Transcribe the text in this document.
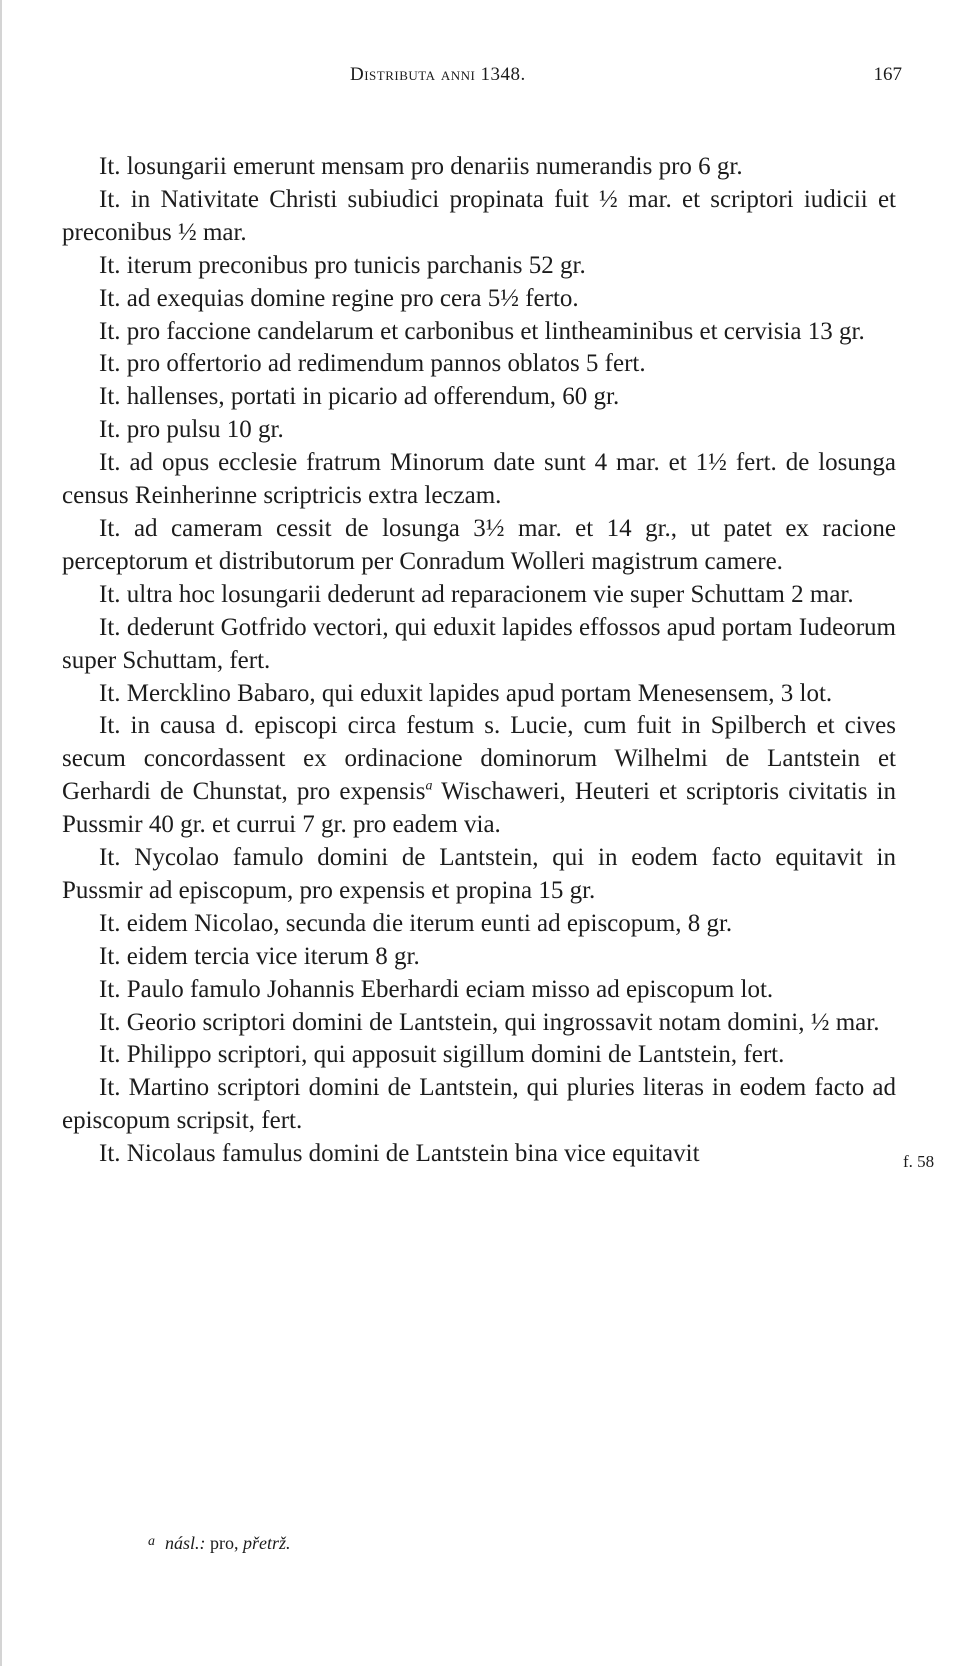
Distributa anni 1348.	167

It. losungarii emerunt mensam pro denariis numerandis pro 6 gr.

It. in Nativitate Christi subiudici propinata fuit ½ mar. et scriptori iudicii et preconibus ½ mar.

It. iterum preconibus pro tunicis parchanis 52 gr.

It. ad exequias domine regine pro cera 5½ ferto.

It. pro faccione candelarum et carbonibus et lintheaminibus et cervisia 13 gr.

It. pro offertorio ad redimendum pannos oblatos 5 fert.

It. hallenses, portati in picario ad offerendum, 60 gr.

It. pro pulsu 10 gr.

It. ad opus ecclesie fratrum Minorum date sunt 4 mar. et 1½ fert. de losunga census Reinherinne scriptricis extra leczam.

It. ad cameram cessit de losunga 3½ mar. et 14 gr., ut patet ex racione perceptorum et distributorum per Conradum Wolleri magistrum camere.

It. ultra hoc losungarii dederunt ad reparacionem vie super Schuttam 2 mar.

It. dederunt Gotfrido vectori, qui eduxit lapides effossos apud portam Iudeorum super Schuttam, fert.

It. Mercklino Babaro, qui eduxit lapides apud portam Menesensem, 3 lot.

It. in causa d. episcopi circa festum s. Lucie, cum fuit in Spilberch et cives secum concordassent ex ordinacione dominorum Wilhelmi de Lantstein et Gerhardi de Chunstat, pro expensis$^a$ Wischaweri, Heuteri et scriptoris civitatis in Pussmir 40 gr. et currui 7 gr. pro eadem via.

It. Nycolao famulo domini de Lantstein, qui in eodem facto equitavit in Pussmir ad episcopum, pro expensis et propina 15 gr.

It. eidem Nicolao, secunda die iterum eunti ad episcopum, 8 gr.

It. eidem tercia vice iterum 8 gr.

It. Paulo famulo Johannis Eberhardi eciam misso ad episcopum lot.

It. Georio scriptori domini de Lantstein, qui ingrossavit notam domini, ½ mar.

It. Philippo scriptori, qui apposuit sigillum domini de Lantstein, fert.

It. Martino scriptori domini de Lantstein, qui pluries literas in eodem facto ad episcopum scripsit, fert.

It. Nicolaus famulus domini de Lantstein bina vice equitavit	f. 58
$^a$ násl.: pro, přetrž.
